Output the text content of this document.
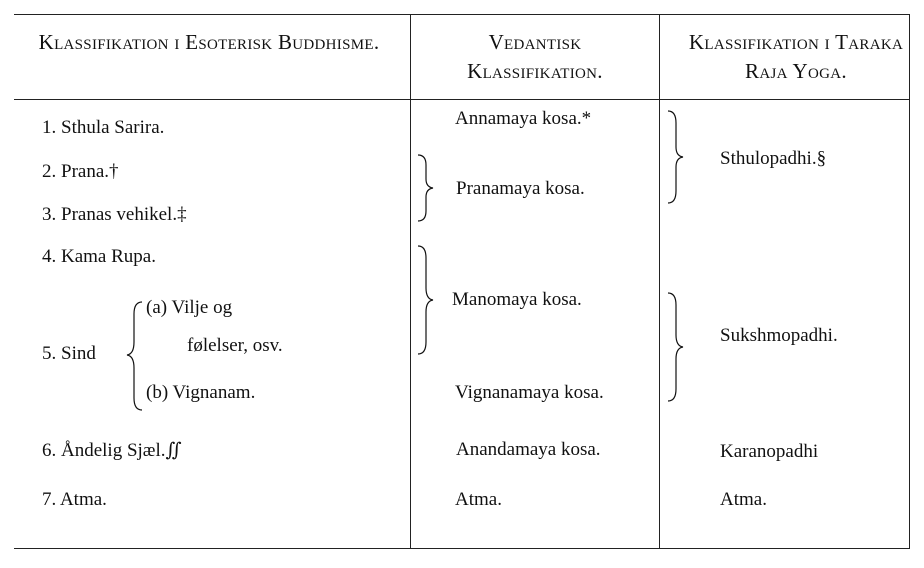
Klassifikation i Esoterisk Buddhisme.	Vedantisk Klassifikation.
Klassifikation i Taraka Raja Yoga.
1. Sthula Sarira.
2. Prana.†
3. Pranas vehikel.‡
4. Kama Rupa.
5. Sind
(a) Vilje og
følelser, osv.
(b) Vignanam.
6. Åndelig Sjæl.∬
7. Atma.
Annamaya kosa.*
Pranamaya kosa.
Manomaya kosa.
Vignanamaya kosa.
Anandamaya kosa.
Atma.
Sthulopadhi.§
Sukshmopadhi.
Karanopadhi
Atma.
